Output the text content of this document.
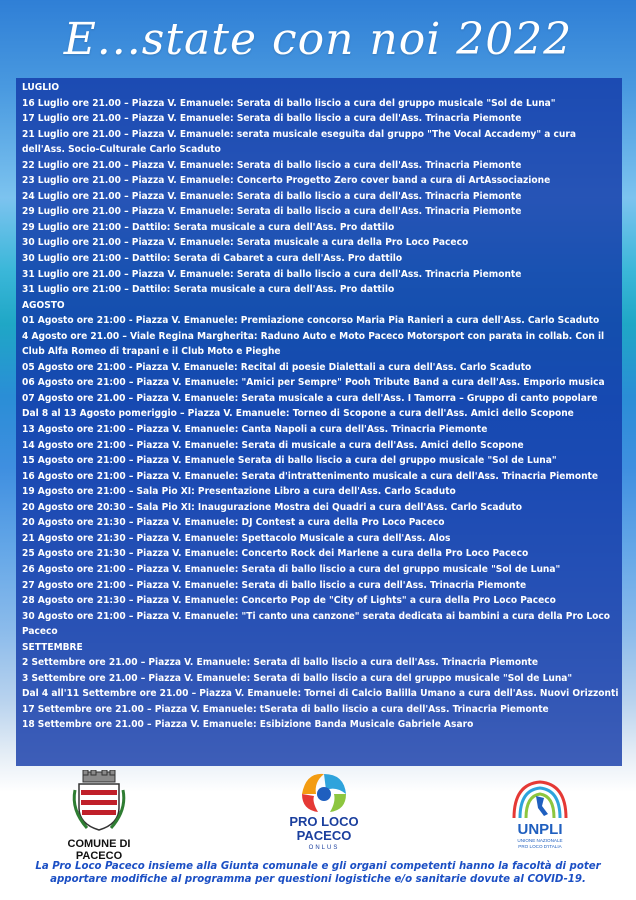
E...state con noi 2022
LUGLIO
16 Luglio ore 21.00 – Piazza V. Emanuele: Serata di ballo liscio a cura del gruppo musicale "Sol de Luna"
17 Luglio ore 21.00 – Piazza V. Emanuele: Serata di ballo liscio a cura dell'Ass. Trinacria Piemonte
21 Luglio ore 21.00 – Piazza V. Emanuele: serata musicale eseguita dal gruppo "The Vocal Accademy" a cura dell'Ass. Socio-Culturale Carlo Scaduto
22 Luglio ore 21.00 – Piazza V. Emanuele: Serata di ballo liscio a cura dell'Ass. Trinacria Piemonte
23 Luglio ore 21.00 – Piazza V. Emanuele: Concerto Progetto Zero cover band a cura di ArtAssociazione
24 Luglio ore 21.00 – Piazza V. Emanuele: Serata di ballo liscio a cura dell'Ass. Trinacria Piemonte
29 Luglio ore 21.00 – Piazza V. Emanuele: Serata di ballo liscio a cura dell'Ass. Trinacria Piemonte
29 Luglio ore 21:00 – Dattilo: Serata musicale a cura dell'Ass. Pro dattilo
30 Luglio ore 21.00 – Piazza V. Emanuele: Serata musicale a cura della Pro Loco Paceco
30 Luglio ore 21:00 – Dattilo: Serata di Cabaret a cura dell'Ass. Pro dattilo
31 Luglio ore 21.00 – Piazza V. Emanuele: Serata di ballo liscio a cura dell'Ass. Trinacria Piemonte
31 Luglio ore 21:00 – Dattilo: Serata musicale a cura dell'Ass. Pro dattilo
AGOSTO
01 Agosto ore 21:00 - Piazza V. Emanuele: Premiazione concorso Maria Pia Ranieri a cura dell'Ass. Carlo Scaduto
4 Agosto ore 21.00 – Viale Regina Margherita: Raduno Auto e Moto Paceco Motorsport con parata in collab. Con il Club Alfa Romeo di trapani e il Club Moto e Pieghe
05 Agosto ore 21:00 - Piazza V. Emanuele: Recital di poesie Dialettali a cura dell'Ass. Carlo Scaduto
06 Agosto ore 21:00 – Piazza V. Emanuele: "Amici per Sempre" Pooh Tribute Band a cura dell'Ass. Emporio musica
07 Agosto ore 21.00 – Piazza V. Emanuele: Serata musicale a cura dell'Ass. I Tamorra – Gruppo di canto popolare
Dal 8 al 13 Agosto pomeriggio – Piazza V. Emanuele: Torneo di Scopone a cura dell'Ass. Amici dello Scopone
13 Agosto ore 21:00 – Piazza V. Emanuele: Canta Napoli a cura dell'Ass. Trinacria Piemonte
14 Agosto ore 21:00 – Piazza V. Emanuele: Serata di musicale a cura dell'Ass. Amici dello Scopone
15 Agosto ore 21:00 – Piazza V. Emanuele Serata di ballo liscio a cura del gruppo musicale "Sol de Luna"
16 Agosto ore 21:00 – Piazza V. Emanuele: Serata d'intrattenimento musicale a cura dell'Ass. Trinacria Piemonte
19 Agosto ore 21:00 – Sala Pio XI: Presentazione Libro a cura dell'Ass. Carlo Scaduto
20 Agosto ore 20:30 – Sala Pio XI: Inaugurazione Mostra dei Quadri a cura dell'Ass. Carlo Scaduto
20 Agosto ore 21:30 – Piazza V. Emanuele: DJ Contest a cura della Pro Loco Paceco
21 Agosto ore 21:30 – Piazza V. Emanuele: Spettacolo Musicale a cura dell'Ass. Alos
25 Agosto ore 21:30 – Piazza V. Emanuele: Concerto Rock dei Marlene a cura della Pro Loco Paceco
26 Agosto ore 21:00 – Piazza V. Emanuele: Serata di ballo liscio a cura del gruppo musicale "Sol de Luna"
27 Agosto ore 21:00 – Piazza V. Emanuele: Serata di ballo liscio a cura dell'Ass. Trinacria Piemonte
28 Agosto ore 21:30 – Piazza V. Emanuele: Concerto Pop de "City of Lights" a cura della Pro Loco Paceco
30 Agosto ore 21:00 – Piazza V. Emanuele: "Ti canto una canzone" serata dedicata ai bambini a cura della Pro Loco Paceco
SETTEMBRE
2 Settembre ore 21.00 – Piazza V. Emanuele: Serata di ballo liscio a cura dell'Ass. Trinacria Piemonte
3 Settembre ore 21.00 – Piazza V. Emanuele: Serata di ballo liscio a cura del gruppo musicale "Sol de Luna"
Dal 4 all'11 Settembre ore 21.00 – Piazza V. Emanuele: Tornei di Calcio Balilla Umano a cura dell'Ass. Nuovi Orizzonti
17 Settembre ore 21.00 – Piazza V. Emanuele: tSerata di ballo liscio a cura dell'Ass. Trinacria Piemonte
18 Settembre ore 21.00 – Piazza V. Emanuele: Esibizione Banda Musicale Gabriele Asaro
COMUNE DI PACECO
PRO LOCO
PACECO
ONLUS
UNPLI
UNIONE NAZIONALE
PRO LOCO D'ITALIA
La Pro Loco Paceco insieme alla Giunta comunale e gli organi competenti hanno la facoltà di poter apportare modifiche al programma per questioni logistiche e/o sanitarie dovute al COVID-19.
